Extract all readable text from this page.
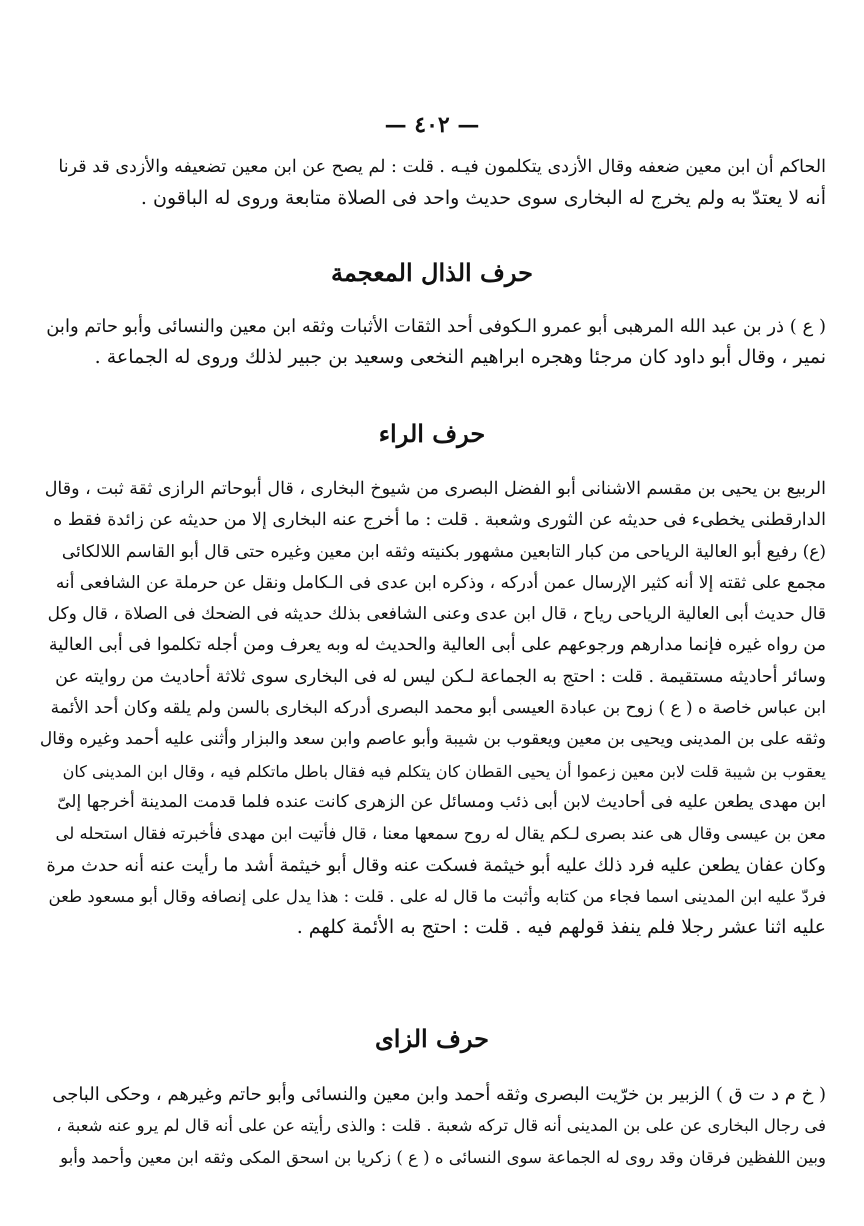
— ٤٠٢ —
الحاكم أن ابن معين ضعفه وقال الأزدى يتكلمون فيـه . قلت : لم يصح عن ابن معين تضعيفه والأزدى قد قرنا
أنه لا يعتدّ به ولم يخرج له البخارى سوى حديث واحد فى الصلاة متابعة وروى له الباقون .
حرف الذال المعجمة
( ع ) ذر بن عبد الله المرهبى أبو عمرو الـكوفى أحد الثقات الأثبات وثقه ابن معين والنسائى وأبو حاتم وابن
نمير ، وقال أبو داود كان مرجئا وهجره ابراهيم النخعى وسعيد بن جبير لذلك وروى له الجماعة .
حرف الراء
الربيع بن يحيى بن مقسم الاشنانى أبو الفضل البصرى من شيوخ البخارى ، قال أبوحاتم الرازى ثقة ثبت ، وقال
الدارقطنى يخطىء فى حديثه عن الثورى وشعبة . قلت : ما أخرج عنه البخارى إلا من حديثه عن زائدة فقط ه
(ع) رفيع أبو العالية الرياحى من كبار التابعين مشهور بكنيته وثقه ابن معين وغيره حتى قال أبو القاسم اللالكائى
مجمع على ثقته إلا أنه كثير الإرسال عمن أدركه ، وذكره ابن عدى فى الـكامل ونقل عن حرملة عن الشافعى أنه
قال حديث أبى العالية الرياحى رياح ، قال ابن عدى وعنى الشافعى بذلك حديثه فى الضحك فى الصلاة ، قال وكل
من رواه غيره فإنما مدارهم ورجوعهم على أبى العالية والحديث له وبه يعرف ومن أجله تكلموا فى أبى العالية
وسائر أحاديثه مستقيمة . قلت : احتج به الجماعة لـكن ليس له فى البخارى سوى ثلاثة أحاديث من روايته عن
ابن عباس خاصة ه ( ع ) زوح بن عبادة العيسى أبو محمد البصرى أدركه البخارى بالسن ولم يلقه وكان أحد الأئمة
وثقه على بن المدينى ويحيى بن معين ويعقوب بن شيبة وأبو عاصم وابن سعد والبزار وأثنى عليه أحمد وغيره وقال
يعقوب بن شيبة قلت لابن معين زعموا أن يحيى القطان كان يتكلم فيه فقال باطل ماتكلم فيه ، وقال ابن المدينى كان
ابن مهدى يطعن عليه فى أحاديث لابن أبى ذئب ومسائل عن الزهرى كانت عنده فلما قدمت المدينة أخرجها إلىّ
معن بن عيسى وقال هى عند بصرى لـكم يقال له روح سمعها معنا ، قال فأتيت ابن مهدى فأخبرته فقال استحله لى
وكان عفان يطعن عليه فرد ذلك عليه أبو خيثمة فسكت عنه وقال أبو خيثمة أشد ما رأيت عنه أنه حدث مرة
فردّ عليه ابن المدينى اسما فجاء من كتابه وأثبت ما قال له على . قلت : هذا يدل على إنصافه وقال أبو مسعود طعن
عليه اثنا عشر رجلا فلم ينفذ قولهم فيه . قلت : احتج به الأئمة كلهم .
حرف الزاى
( خ م د ت ق ) الزبير بن خرّيت البصرى وثقه أحمد وابن معين والنسائى وأبو حاتم وغيرهم ، وحكى الباجى
فى رجال البخارى عن على بن المدينى أنه قال تركه شعبة . قلت : والذى رأيته عن على أنه قال لم يرو عنه شعبة ،
وبين اللفظين فرقان وقد روى له الجماعة سوى النسائى ه ( ع ) زكريا بن اسحق المكى وثقه ابن معين وأحمد وأبو
